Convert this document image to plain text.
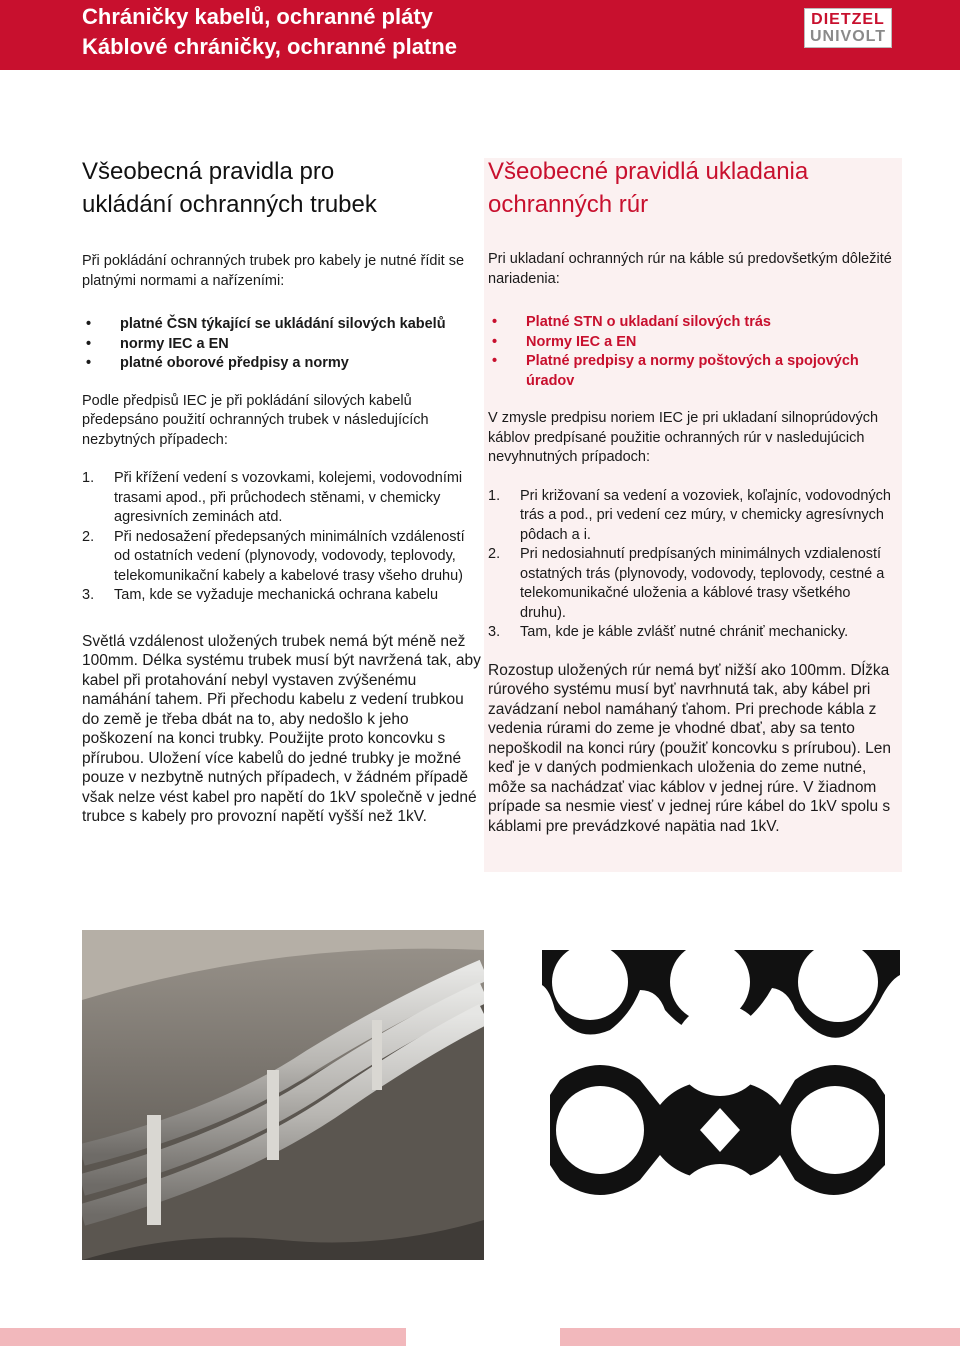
Chráničky kabelů, ochranné pláty
Káblové chráničky, ochranné platne
DIETZEL
UNIVOLT
Všeobecná pravidla pro
ukládání ochranných trubek

Při pokládání ochranných trubek pro kabely je nutné řídit se platnými normami a nařízeními:

• platné ČSN týkající se ukládání silových kabelů
• normy IEC a EN
• platné oborové předpisy a normy

Podle předpisů IEC je při pokládání silových kabelů předepsáno použití ochranných trubek v následujících nezbytných případech:

1. Při křížení vedení s vozovkami, kolejemi, vodovodními trasami apod., při průchodech stěnami, v chemicky agresivních zeminách atd.
2. Při nedosažení předepsaných minimálních vzdáleností od ostatních vedení (plynovody, vodovody, teplovody, telekomunikační kabely a kabelové trasy všeho druhu)
3. Tam, kde se vyžaduje mechanická ochrana kabelu

Světlá vzdálenost uložených trubek nemá být méně než 100mm. Délka systému trubek musí být navržená tak, aby kabel při protahování nebyl vystaven zvýšenému namáhání tahem. Při přechodu kabelu z vedení trubkou do země je třeba dbát na to, aby nedošlo k jeho poškození na konci trubky. Použijte proto koncovku s přírubou. Uložení více kabelů do jedné trubky je možné pouze v nezbytně nutných případech, v žádném případě však nelze vést kabel pro napětí do 1kV společně v jedné trubce s kabely pro provozní napětí vyšší než 1kV.

Všeobecné pravidlá ukladania
ochranných rúr

Pri ukladaní ochranných rúr na káble sú predovšetkým dôležité nariadenia:

• Platné STN o ukladaní silových trás
• Normy IEC a EN
• Platné predpisy a normy poštových a spojových úradov

V zmysle predpisu noriem IEC je pri ukladaní silnoprúdových káblov predpísané použitie ochranných rúr v nasledujúcich nevyhnutných prípadoch:

1. Pri križovaní sa vedení a vozoviek, koľajníc, vodovodných trás a pod., pri vedení cez múry, v chemicky agresívnych pôdach a i.
2. Pri nedosiahnutí predpísaných minimálnych vzdialeností ostatných trás (plynovody, vodovody, teplovody, cestné a telekomunikačné uloženia a káblové trasy všetkého druhu).
3. Tam, kde je káble zvlášť nutné chrániť mechanicky.

Rozostup uložených rúr nemá byť nižší ako 100mm. Dĺžka rúrového systému musí byť navrhnutá tak, aby kábel pri zavádzaní nebol namáhaný ťahom. Pri prechode kábla z vedenia rúrami do zeme je vhodné dbať, aby sa tento nepoškodil na konci rúry (použiť koncovku s prírubou). Len keď je v daných podmienkach uloženia do zeme nutné, môže sa nachádzať viac káblov v jednej rúre. V žiadnom prípade sa nesmie viesť v jednej rúre kábel do 1kV spolu s káblami pre prevádzkové napätia nad 1kV.
